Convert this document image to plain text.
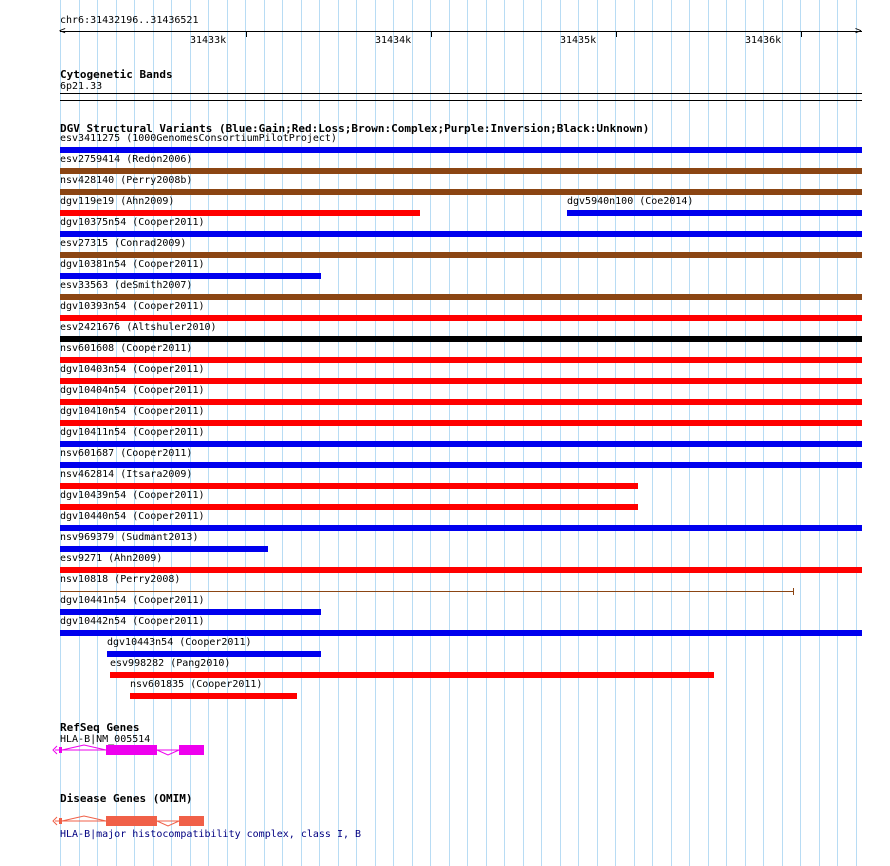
chr6:31432196..31436521
<	>
31433k	31434k	31435k	31436k
Cytogenetic Bands
6p21.33
DGV Structural Variants (Blue:Gain;Red:Loss;Brown:Complex;Purple:Inversion;Black:Unknown)
esv3411275 (1000GenomesConsortiumPilotProject)
esv2759414 (Redon2006)
nsv428140 (Perry2008b)
dgv119e19 (Ahn2009)	dgv5940n100 (Coe2014)
dgv10375n54 (Cooper2011)
esv27315 (Conrad2009)
dgv10381n54 (Cooper2011)
esv33563 (deSmith2007)
dgv10393n54 (Cooper2011)
esv2421676 (Altshuler2010)
nsv601608 (Cooper2011)
dgv10403n54 (Cooper2011)
dgv10404n54 (Cooper2011)
dgv10410n54 (Cooper2011)
dgv10411n54 (Cooper2011)
nsv601687 (Cooper2011)
nsv462814 (Itsara2009)
dgv10439n54 (Cooper2011)
dgv10440n54 (Cooper2011)
nsv969379 (Sudmant2013)
esv9271 (Ahn2009)
nsv10818 (Perry2008)
dgv10441n54 (Cooper2011)
dgv10442n54 (Cooper2011)
dgv10443n54 (Cooper2011)
esv998282 (Pang2010)
nsv601835 (Cooper2011)
RefSeq Genes
HLA-B|NM_005514
Disease Genes (OMIM)
HLA-B|major histocompatibility complex, class I, B
